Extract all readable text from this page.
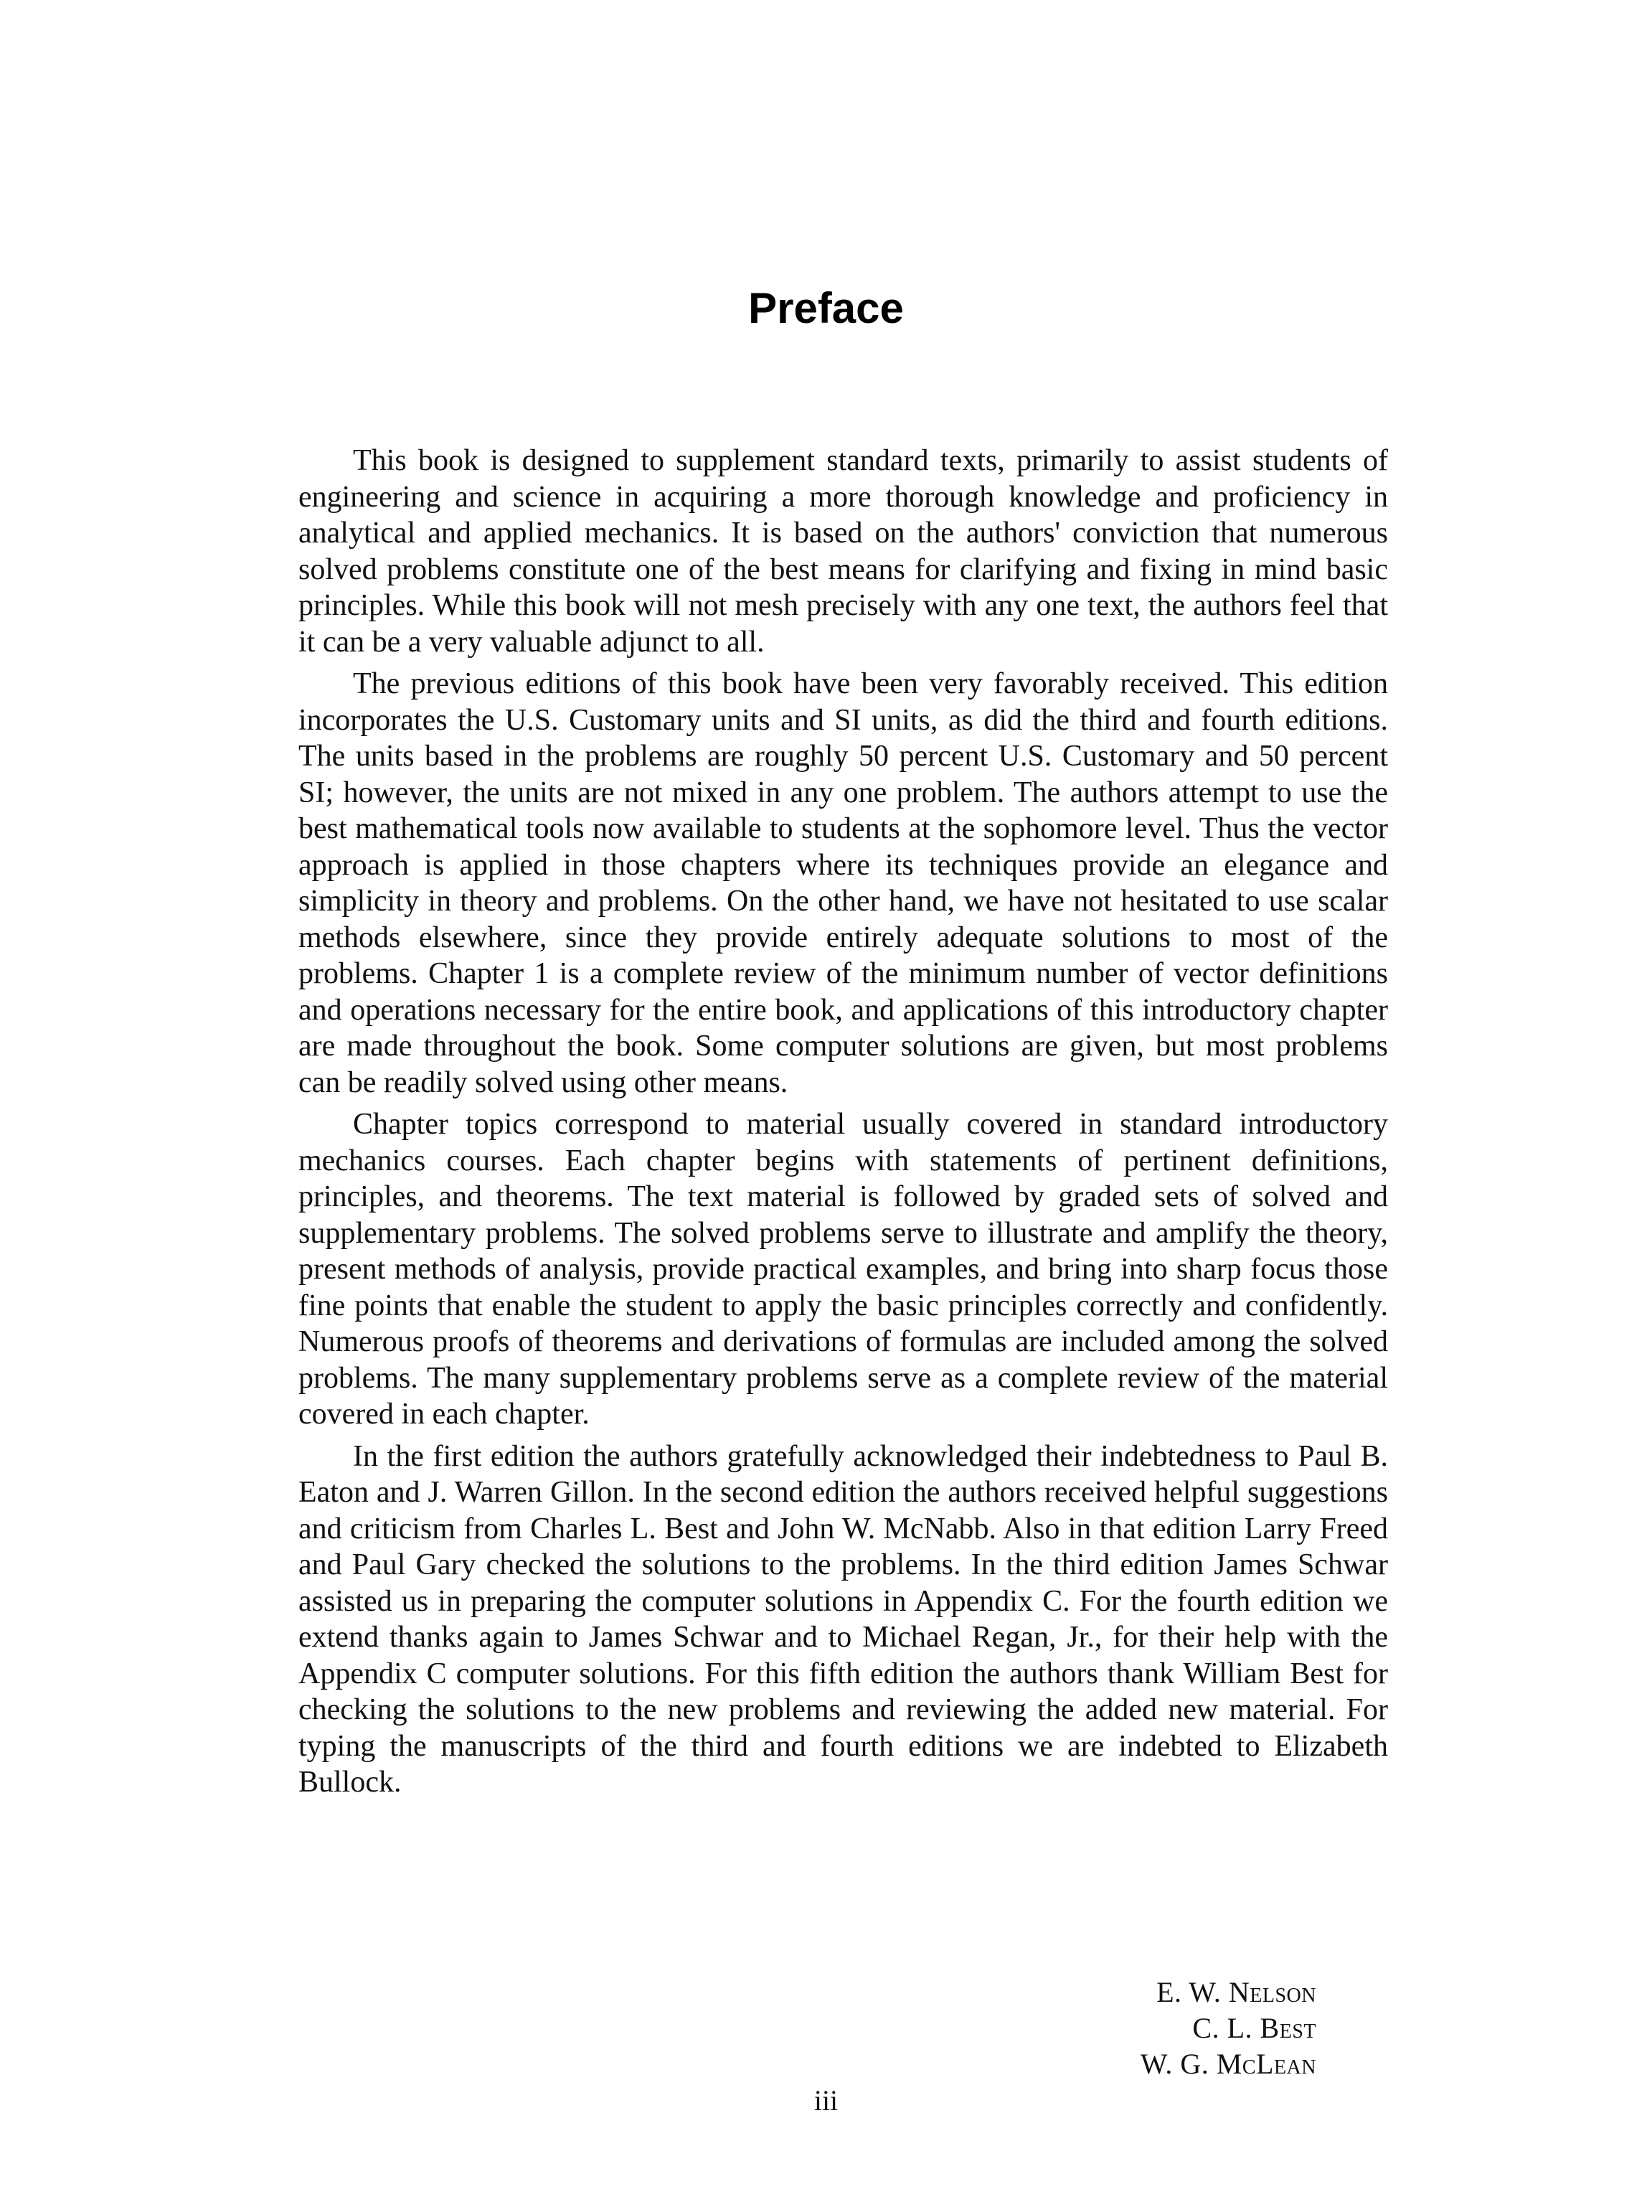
Preface

This book is designed to supplement standard texts, primarily to assist students of engineering and science in acquiring a more thorough knowledge and proficiency in analytical and applied mechanics. It is based on the authors' conviction that numerous solved problems constitute one of the best means for clarifying and fixing in mind basic principles. While this book will not mesh precisely with any one text, the authors feel that it can be a very valuable adjunct to all.

The previous editions of this book have been very favorably received. This edition incorporates the U.S. Customary units and SI units, as did the third and fourth editions. The units based in the problems are roughly 50 percent U.S. Customary and 50 percent SI; however, the units are not mixed in any one problem. The authors attempt to use the best mathematical tools now available to students at the sophomore level. Thus the vector approach is applied in those chapters where its techniques provide an elegance and simplicity in theory and problems. On the other hand, we have not hesitated to use scalar methods elsewhere, since they provide entirely adequate solutions to most of the problems. Chapter 1 is a complete review of the minimum number of vector definitions and operations necessary for the entire book, and applications of this introductory chapter are made throughout the book. Some computer solutions are given, but most problems can be readily solved using other means.

Chapter topics correspond to material usually covered in standard introductory mechanics courses. Each chapter begins with statements of pertinent definitions, principles, and theorems. The text material is followed by graded sets of solved and supplementary problems. The solved problems serve to illustrate and amplify the theory, present methods of analysis, provide practical examples, and bring into sharp focus those fine points that enable the student to apply the basic principles correctly and confidently. Numerous proofs of theorems and derivations of formulas are included among the solved problems. The many supplementary problems serve as a complete review of the material covered in each chapter.

In the first edition the authors gratefully acknowledged their indebtedness to Paul B. Eaton and J. Warren Gillon. In the second edition the authors received helpful suggestions and criticism from Charles L. Best and John W. McNabb. Also in that edition Larry Freed and Paul Gary checked the solutions to the problems. In the third edition James Schwar assisted us in preparing the computer solutions in Appendix C. For the fourth edition we extend thanks again to James Schwar and to Michael Regan, Jr., for their help with the Appendix C computer solutions. For this fifth edition the authors thank William Best for checking the solutions to the new problems and reviewing the added new material. For typing the manuscripts of the third and fourth editions we are indebted to Elizabeth Bullock.

E. W. Nelson
C. L. Best
W. G. McLean
iii
